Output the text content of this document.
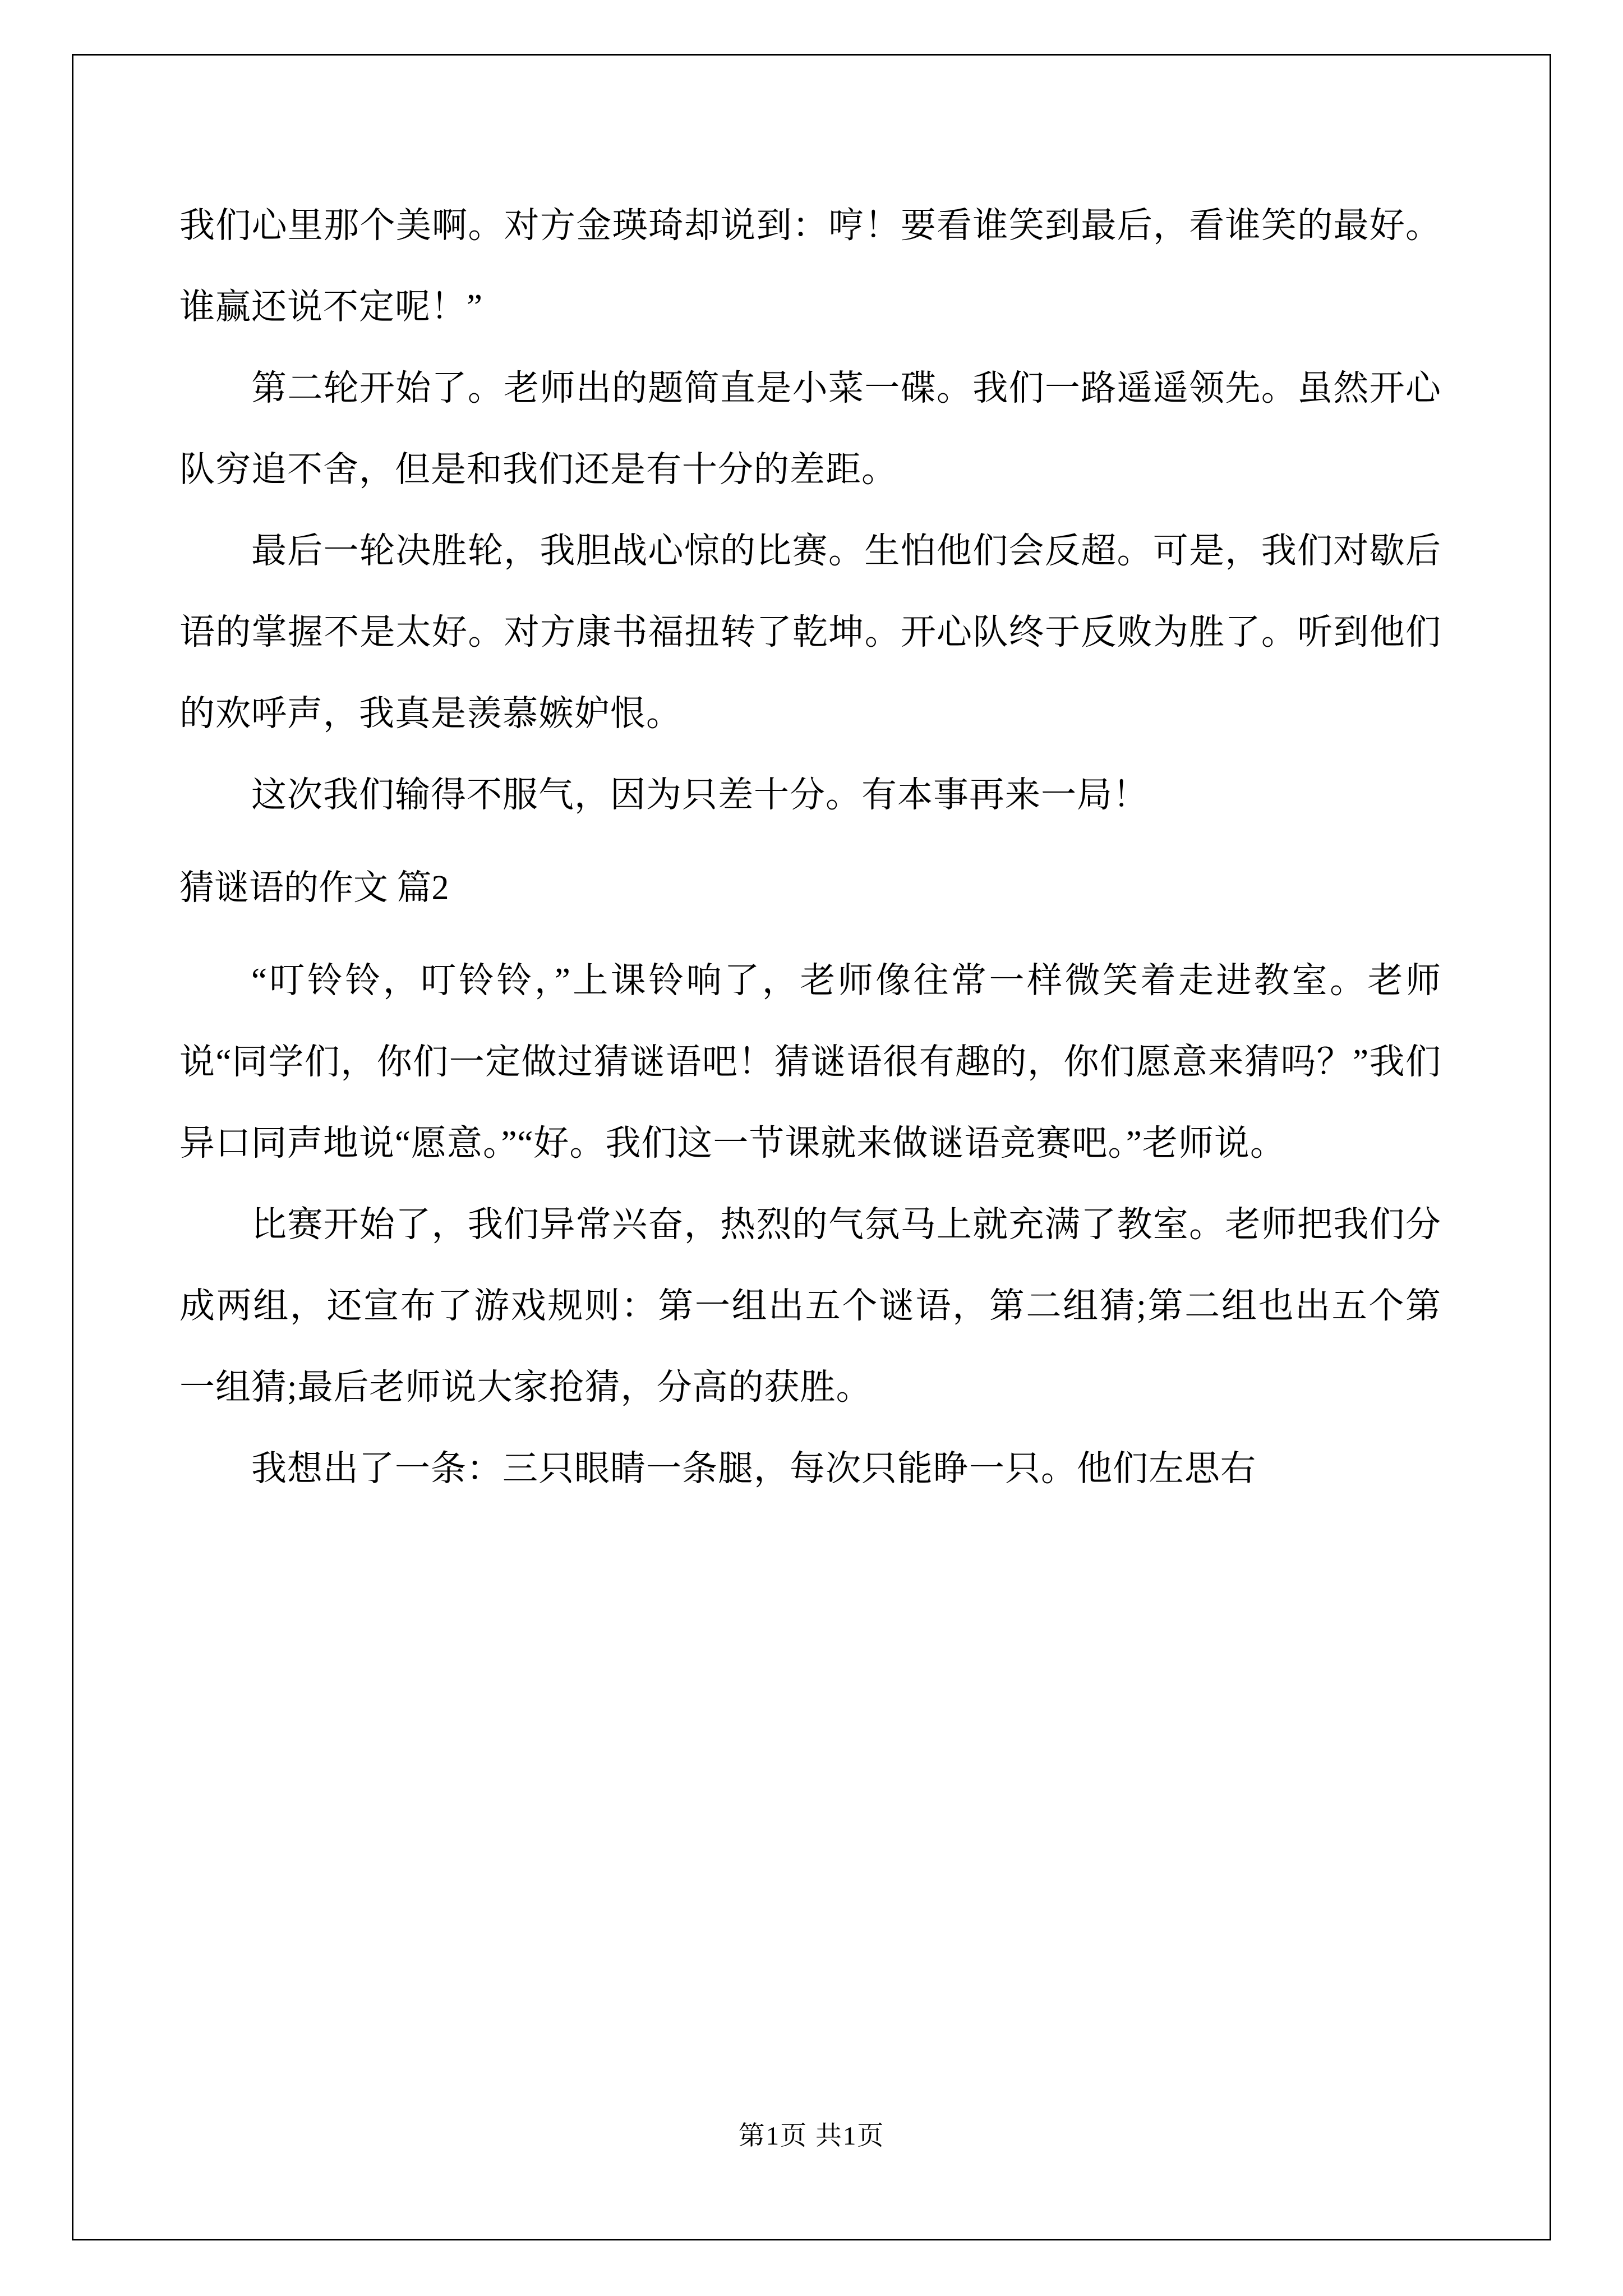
我们心里那个美啊。对方金瑛琦却说到：哼！要看谁笑到最后，看谁笑的最好。谁赢还说不定呢！”

第二轮开始了。老师出的题简直是小菜一碟。我们一路遥遥领先。虽然开心队穷追不舍，但是和我们还是有十分的差距。

最后一轮决胜轮，我胆战心惊的比赛。生怕他们会反超。可是，我们对歇后语的掌握不是太好。对方康书福扭转了乾坤。开心队终于反败为胜了。听到他们的欢呼声，我真是羡慕嫉妒恨。

这次我们输得不服气，因为只差十分。有本事再来一局！

猜谜语的作文 篇2

“叮铃铃，叮铃铃，”上课铃响了，老师像往常一样微笑着走进教室。老师说“同学们，你们一定做过猜谜语吧！猜谜语很有趣的，你们愿意来猜吗？”我们异口同声地说“愿意。”“好。我们这一节课就来做谜语竞赛吧。”老师说。

比赛开始了，我们异常兴奋，热烈的气氛马上就充满了教室。老师把我们分成两组，还宣布了游戏规则：第一组出五个谜语，第二组猜;第二组也出五个第一组猜;最后老师说大家抢猜，分高的获胜。

我想出了一条：三只眼睛一条腿，每次只能睁一只。他们左思右

第1页 共1页
